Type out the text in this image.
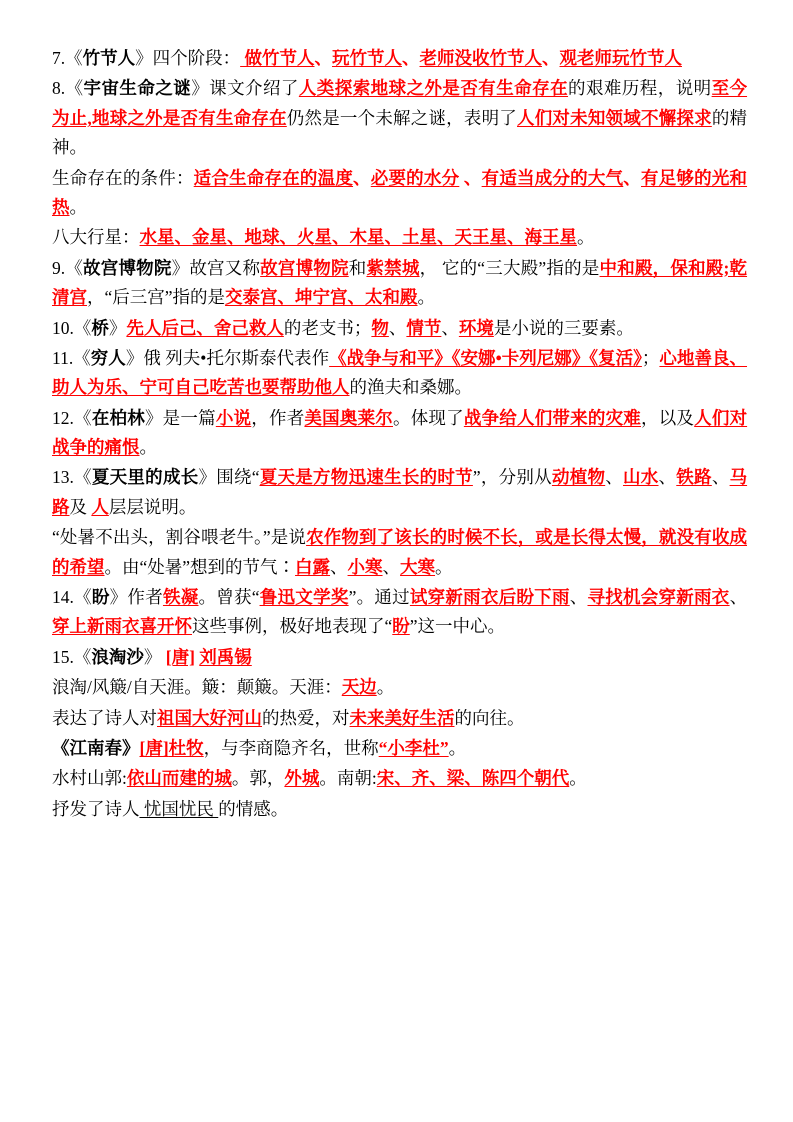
7.《竹节人》四个阶段： 做竹节人、玩竹节人、老师没收竹节人、观老师玩竹节人

8.《宇宙生命之谜》课文介绍了人类探索地球之外是否有生命存在的艰难历程，说明至今为止,地球之外是否有生命存在仍然是一个未解之谜，表明了人们对未知领域不懈探求的精神。

生命存在的条件：适合生命存在的温度、必要的水分 、有适当成分的大气、有足够的光和热。

八大行星：水星、金星、地球、火星、木星、土星、天王星、海王星。

9.《故宫博物院》故宫又称故宫博物院和紫禁城， 它的“三大殿”指的是中和殿，保和殿;乾清宫，“后三宫”指的是交泰宫、坤宁宫、太和殿。

10.《桥》先人后己、舍己救人的老支书；物、情节、环境是小说的三要素。

11.《穷人》俄 列夫•托尔斯泰代表作《战争与和平》《安娜•卡列尼娜》《复活》；心地善良、助人为乐、宁可自己吃苦也要帮助他人的渔夫和桑娜。

12.《在柏林》是一篇小说，作者美国奥莱尔。体现了战争给人们带来的灾难，以及人们对战争的痛恨。

13.《夏天里的成长》围绕“夏天是方物迅速生长的时节”，分别从动植物、山水、铁路、马路及 人层层说明。

“处暑不出头，割谷喂老牛。”是说农作物到了该长的时候不长，或是长得太慢，就没有收成的希望。由“处暑”想到的节气∶白露、小寒、大寒。

14.《盼》作者铁凝。曾获“鲁迅文学奖”。通过试穿新雨衣后盼下雨、寻找机会穿新雨衣、穿上新雨衣喜开怀这些事例，极好地表现了“盼”这一中心。

15.《浪淘沙》 [唐] 刘禹锡

浪淘/风簸/自天涯。簸：颠簸。天涯：天边。

表达了诗人对祖国大好河山的热爱，对未来美好生活的向往。

《江南春》[唐]杜牧，与李商隐齐名，世称“小李杜”。

水村山郭:依山而建的城。郭，外城。南朝:宋、齐、梁、陈四个朝代。

抒发了诗人 忧国忧民 的情感。
